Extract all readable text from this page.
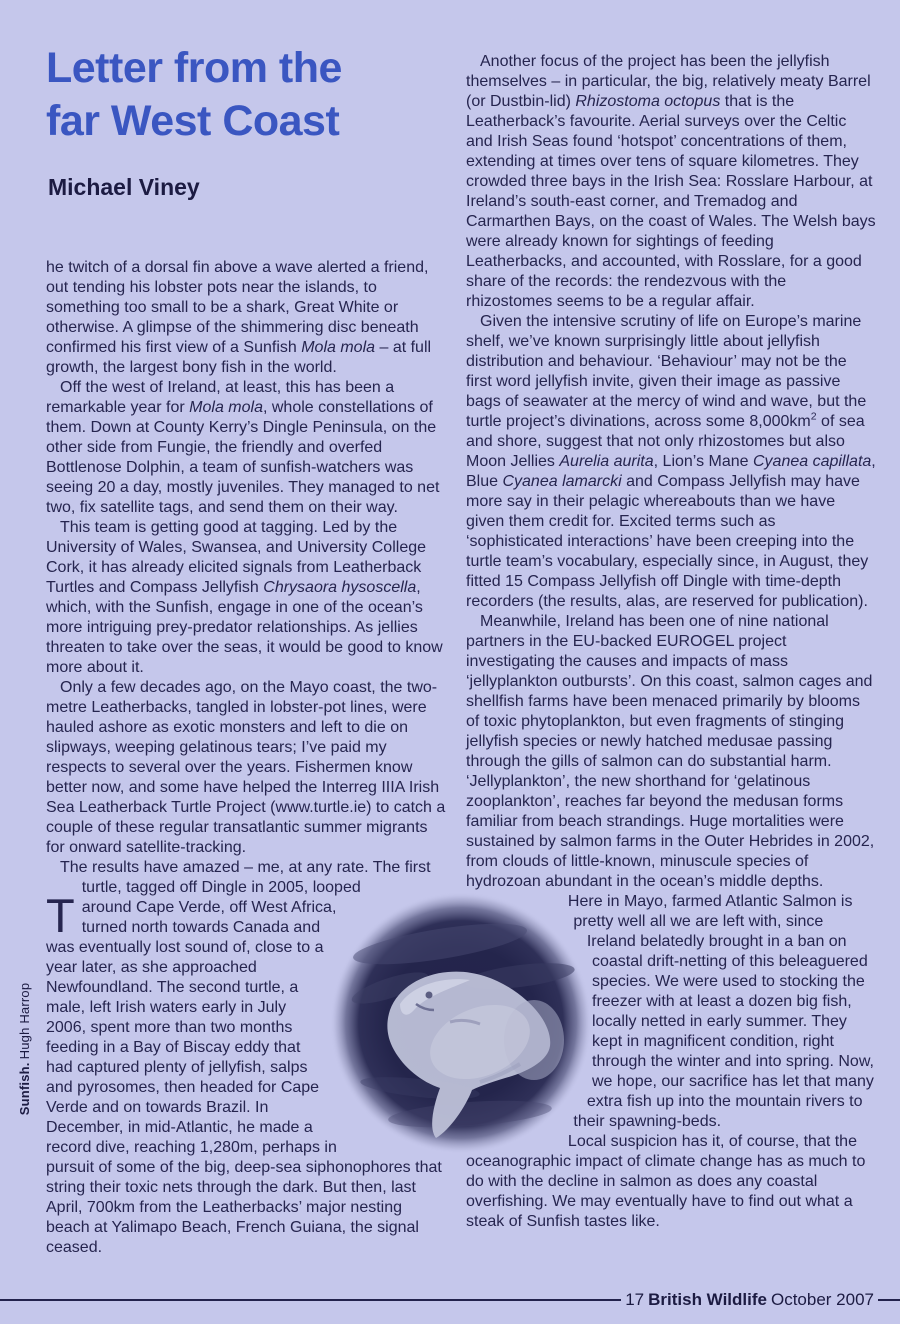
Letter from the
far West Coast
Michael Viney

T
he twitch of a dorsal fin above a wave alerted a friend, out tending his lobster pots near the islands, to something too small to be a shark, Great White or otherwise. A glimpse of the shimmering disc beneath confirmed his first view of a Sunfish Mola mola – at full growth, the largest bony fish in the world.

Off the west of Ireland, at least, this has been a remarkable year for Mola mola, whole constellations of them. Down at County Kerry’s Dingle Peninsula, on the other side from Fungie, the friendly and overfed Bottlenose Dolphin, a team of sunfish-watchers was seeing 20 a day, mostly juveniles. They managed to net two, fix satellite tags, and send them on their way.

This team is getting good at tagging. Led by the University of Wales, Swansea, and University College Cork, it has already elicited signals from Leatherback Turtles and Compass Jellyfish Chrysaora hysoscella, which, with the Sunfish, engage in one of the ocean’s more intriguing prey-predator relationships. As jellies threaten to take over the seas, it would be good to know more about it.

Only a few decades ago, on the Mayo coast, the two-metre Leatherbacks, tangled in lobster-pot lines, were hauled ashore as exotic monsters and left to die on slipways, weeping gelatinous tears; I’ve paid my respects to several over the years. Fishermen know better now, and some have helped the Interreg IIIA Irish Sea Leatherback Turtle Project (www.turtle.ie) to catch a couple of these regular transatlantic summer migrants for onward satellite-tracking.

The results have amazed – me, at any rate. The first turtle, tagged off Dingle in 2005, looped around Cape Verde, off West Africa, turned north towards Canada and was eventually lost sound of, close to a year later, as she approached Newfoundland. The second turtle, a male, left Irish waters early in July 2006, spent more than two months feeding in a Bay of Biscay eddy that had captured plenty of jellyfish, salps and pyrosomes, then headed for Cape Verde and on towards Brazil. In December, in mid-Atlantic, he made a record dive, reaching 1,280m, perhaps in pursuit of some of the big, deep-sea siphonophores that string their toxic nets through the dark. But then, last April, 700km from the Leatherbacks’ major nesting beach at Yalimapo Beach, French Guiana, the signal ceased.

Another focus of the project has been the jellyfish themselves – in particular, the big, relatively meaty Barrel (or Dustbin-lid) Rhizostoma octopus that is the Leatherback’s favourite. Aerial surveys over the Celtic and Irish Seas found ‘hotspot’ concentrations of them, extending at times over tens of square kilometres. They crowded three bays in the Irish Sea: Rosslare Harbour, at Ireland’s south-east corner, and Tremadog and Carmarthen Bays, on the coast of Wales. The Welsh bays were already known for sightings of feeding Leatherbacks, and accounted, with Rosslare, for a good share of the records: the rendezvous with the rhizostomes seems to be a regular affair.

Given the intensive scrutiny of life on Europe’s marine shelf, we’ve known surprisingly little about jellyfish distribution and behaviour. ‘Behaviour’ may not be the first word jellyfish invite, given their image as passive bags of seawater at the mercy of wind and wave, but the turtle project’s divinations, across some $8,000km^2$ of sea and shore, suggest that not only rhizostomes but also Moon Jellies Aurelia aurita, Lion’s Mane Cyanea capillata, Blue Cyanea lamarcki and Compass Jellyfish may have more say in their pelagic whereabouts than we have given them credit for. Excited terms such as ‘sophisticated interactions’ have been creeping into the turtle team’s vocabulary, especially since, in August, they fitted 15 Compass Jellyfish off Dingle with time-depth recorders (the results, alas, are reserved for publication).

Meanwhile, Ireland has been one of nine national partners in the EU-backed EUROGEL project investigating the causes and impacts of mass ‘jellyplankton outbursts’. On this coast, salmon cages and shellfish farms have been menaced primarily by blooms of toxic phytoplankton, but even fragments of stinging jellyfish species or newly hatched medusae passing through the gills of salmon can do substantial harm. ‘Jellyplankton’, the new shorthand for ‘gelatinous zooplankton’, reaches far beyond the medusan forms familiar from beach strandings. Huge mortalities were sustained by salmon farms in the Outer Hebrides in 2002, from clouds of little-known, minuscule species of hydrozoan abundant in the ocean’s middle depths.

Here in Mayo, farmed Atlantic Salmon is pretty well all we are left with, since Ireland belatedly brought in a ban on coastal drift-netting of this beleaguered species. We were used to stocking the freezer with at least a dozen big fish, locally netted in early summer. They kept in magnificent condition, right through the winter and into spring. Now, we hope, our sacrifice has let that many extra fish up into the mountain rivers to their spawning-beds.

Local suspicion has it, of course, that the oceanographic impact of climate change has as much to do with the decline in salmon as does any coastal overfishing. We may eventually have to find out what a steak of Sunfish tastes like.

Sunfish.Hugh Harrop
17 British Wildlife October 2007
